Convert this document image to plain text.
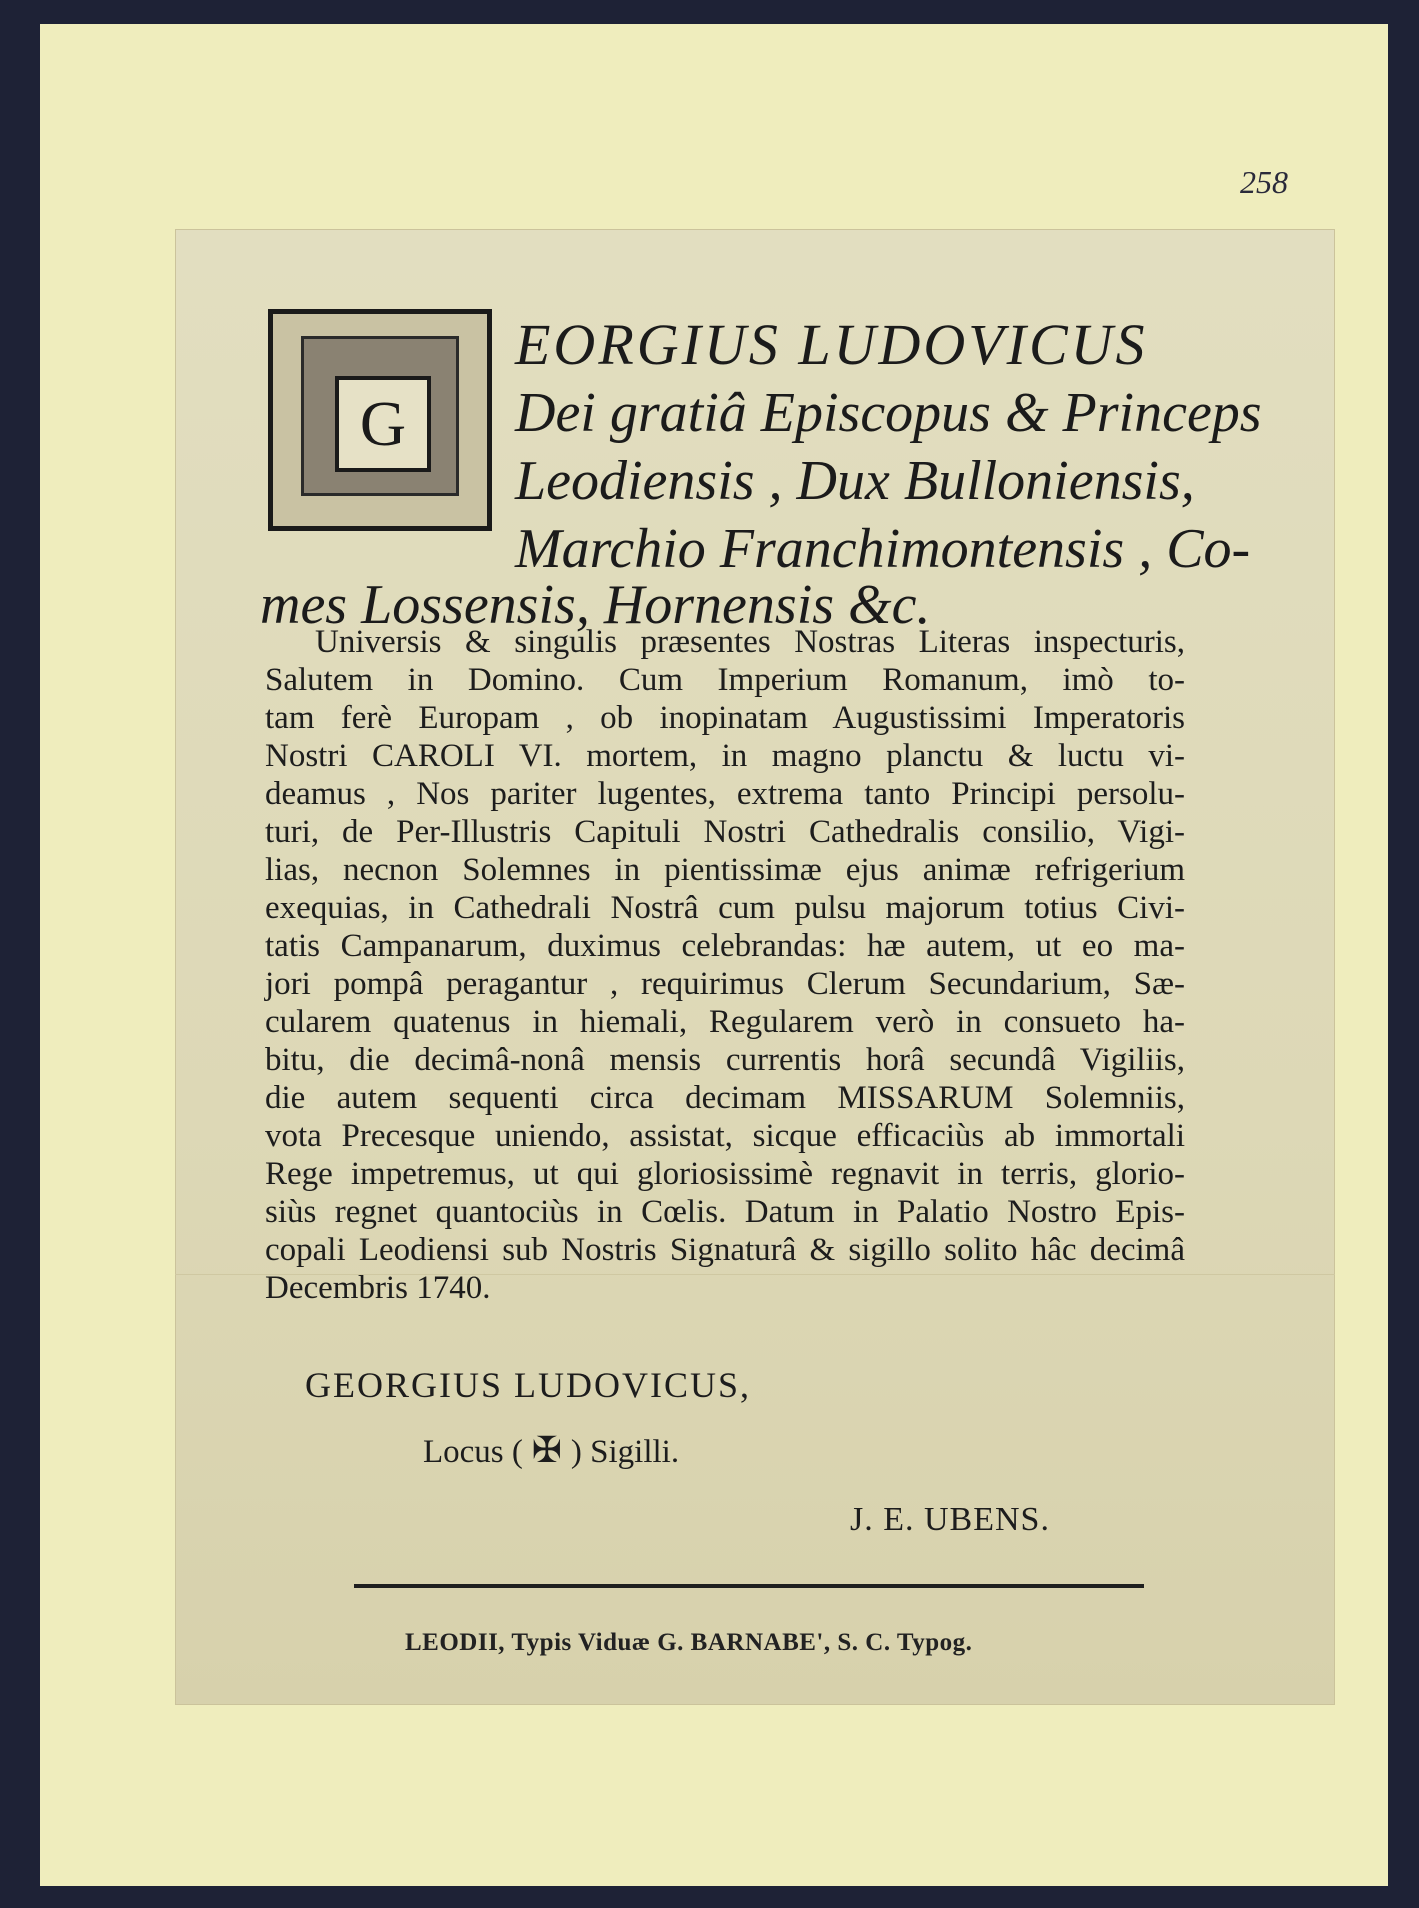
258
G
EORGIUS LUDOVICUS
Dei gratiâ Episcopus & Princeps
Leodiensis , Dux Bulloniensis,
Marchio Franchimontensis , Co-
mes Lossensis, Hornensis &c.
Universis & singulis præsentes Nostras Literas inspecturis,
Salutem in Domino. Cum Imperium Romanum, imò to-
tam ferè Europam , ob inopinatam Augustissimi Imperatoris
Nostri CAROLI VI. mortem, in magno planctu & luctu vi-
deamus , Nos pariter lugentes, extrema tanto Principi persolu-
turi, de Per-Illustris Capituli Nostri Cathedralis consilio, Vigi-
lias, necnon Solemnes in pientissimæ ejus animæ refrigerium
exequias, in Cathedrali Nostrâ cum pulsu majorum totius Civi-
tatis Campanarum, duximus celebrandas: hæ autem, ut eo ma-
jori pompâ peragantur , requirimus Clerum Secundarium, Sæ-
cularem quatenus in hiemali, Regularem verò in consueto ha-
bitu, die decimâ-nonâ mensis currentis horâ secundâ Vigiliis,
die autem sequenti circa decimam MISSARUM Solemniis,
vota Precesque uniendo, assistat, sicque efficaciùs ab immortali
Rege impetremus, ut qui gloriosissimè regnavit in terris, glorio-
siùs regnet quantociùs in Cœlis. Datum in Palatio Nostro Epis-
copali Leodiensi sub Nostris Signaturâ & sigillo solito hâc decimâ
Decembris 1740.
GEORGIUS LUDOVICUS,
Locus ( ✠ ) Sigilli.
J. E. UBENS.
LEODII, Typis Viduæ G. BARNABE', S. C. Typog.
